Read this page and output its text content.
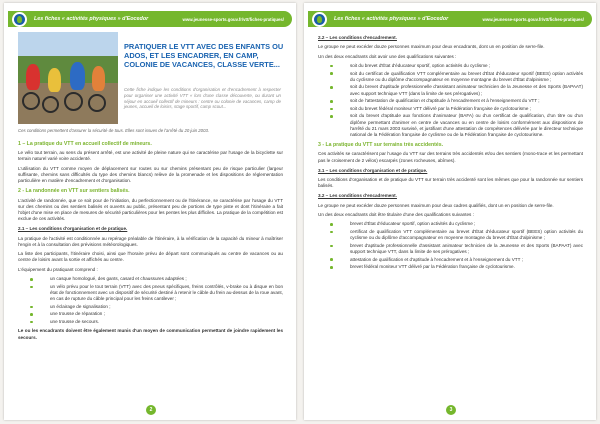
Les fiches « activités physiques » d'Eocedor	www.jeunesse-sports.gouv.fr/vtt/fiches-pratiques/
PRATIQUER LE VTT AVEC DES ENFANTS OU ADOS, ET LES ENCADRER, EN CAMP, COLONIE DE VACANCES, CLASSE VERTE...
Cette fiche indique les conditions d'organisation et d'encadrement à respecter pour organiser une activité VTT « lors d'une classe découverte, ou durant un séjour en accueil collectif de mineurs : centre ou colonie de vacances, camp de jeunes, accueil de loisirs, stage sportif, camp scout...
Ces conditions permettent d'assurer la sécurité de tous. Elles sont issues de l'arrêté du 20 juin 2003.
1 – La pratique du VTT en accueil collectif de mineurs.

Le vélo tout terrain, au sens du présent arrêté, est une activité de pleine nature qui se caractérise par l'usage de la bicyclette sur terrain naturel varié voire accidenté.

L'utilisation du VTT comme moyen de déplacement sur routes ou sur chemins présentant peu de risque particulier (largeur suffisante, chemins sans difficultés du type des chemins blancs) relève de la promenade et les dispositions de réglementation particulière en matière d'encadrement et d'organisation.

2 - La randonnée en VTT sur sentiers balisés.

L'activité de randonnée, que ce soit pour de l'initiation, du perfectionnement ou de l'itinérance, se caractérise par l'usage du VTT sur des chemins ou des sentiers balisés et ouverts au public, présentant peu de portions de type piste et dont l'itinéraire a fait l'objet d'une mise en place de mesures de sécurité particulières pour les pentes les plus difficiles. La pratique de la compétition est exclue de ces activités.

2.1 – Les conditions d'organisation et de pratique.

La pratique de l'activité est conditionnée au repérage préalable de l'itinéraire, à la vérification de la capacité du mineur à maîtriser l'engin et à la consultation des prévisions météorologiques.

La liste des participants, l'itinéraire choisi, ainsi que l'horaire prévu de départ sont communiqués au centre de vacances ou au centre de loisirs avant la sortie et affichés au centre.

L'équipement du pratiquant comprend :

un casque homologué, des gants, casard et chaussures adaptées ;
un vélo prévu pour le tout terrain (VTT) avec des pneus spécifiques, freins contrôlés, v-brake ou à disque en bon état de fonctionnement avec un dispositif de sécurité destiné à retenir le câble du frein au-dessus de la roue avant, en cas de rupture du câble principal pour les freins cantilever ;
un éclairage de signalisation ;
une trousse de réparation ;
une trousse de secours.

Le ou les encadrants doivent être également munis d'un moyen de communication permettant de joindre rapidement les secours.

2
Les fiches « activités physiques » d'Eocedor	www.jeunesse-sports.gouv.fr/vtt/fiches-pratiques/
2.2 – Les conditions d'encadrement.

Le groupe ne peut excéder douze personnes maximum pour deux encadrants, dont un en position de serre-file.

Un des deux encadrants doit avoir une des qualifications suivantes :

soit du brevet d'État d'éducateur sportif, option activités du cyclisme ;
soit du certificat de qualification VTT complémentaire au brevet d'État d'éducateur sportif (BEES) option activités du cyclisme ou du diplôme d'accompagnateur en moyenne montagne du brevet d'État d'alpinisme ;
soit du brevet d'aptitude professionnelle d'assistant animateur technicien de la Jeunesse et des Sports (BAPAAT) avec support technique VTT (dans la limite de ses prérogatives) ;
soit de l'attestation de qualification et d'aptitude à l'encadrement et à l'enseignement du VTT ;
soit du brevet fédéral moniteur VTT délivré par la Fédération française de cyclotourisme ;
soit du brevet d'aptitude aux fonctions d'animateur (BAFA) ou d'un certificat de qualification, d'un titre ou d'un diplôme permettant d'animer en centre de vacances ou en centre de loisirs conformément aux dispositions de l'arrêté du 21 mars 2003 susvisé, et justifiant d'une attestation de compétences délivrée par le directeur technique national de la Fédération française de cyclisme ou de la Fédération française de cyclotourisme.
3 - La pratique du VTT sur terrains très accidentés.

Ces activités se caractérisent par l'usage du VTT sur des terrains très accidentés et/ou des sentiers (mono-trace et les permettant pas le croisement de 2 vélos) escarpés (zones rocheuses, abîmes).

3.1 – Les conditions d'organisation et de pratique.

Les conditions d'organisation et de pratique du VTT sur terrain très accidenté sont les mêmes que pour la randonnée sur sentiers balisés.

3.2 – Les conditions d'encadrement.

Le groupe ne peut excéder douze personnes maximum pour deux cadres qualifiés, dont un en position de serre-file.

Un des deux encadrants doit être titulaire d'une des qualifications suivantes :

brevet d'État d'éducateur sportif, option activités du cyclisme ;
certificat de qualification VTT complémentaire au brevet d'État d'éducateur sportif (BEES) option activités du cyclisme ou du diplôme d'accompagnateur en moyenne montagne du brevet d'État d'alpinisme ;
brevet d'aptitude professionnelle d'assistant animateur technicien de la Jeunesse et des Sports (BAPAAT) avec support technique VTT, dans la limite de ses prérogatives ;
attestation de qualification et d'aptitude à l'encadrement et à l'enseignement du VTT ;
brevet fédéral moniteur VTT délivré par la Fédération française de cyclotourisme.
3
